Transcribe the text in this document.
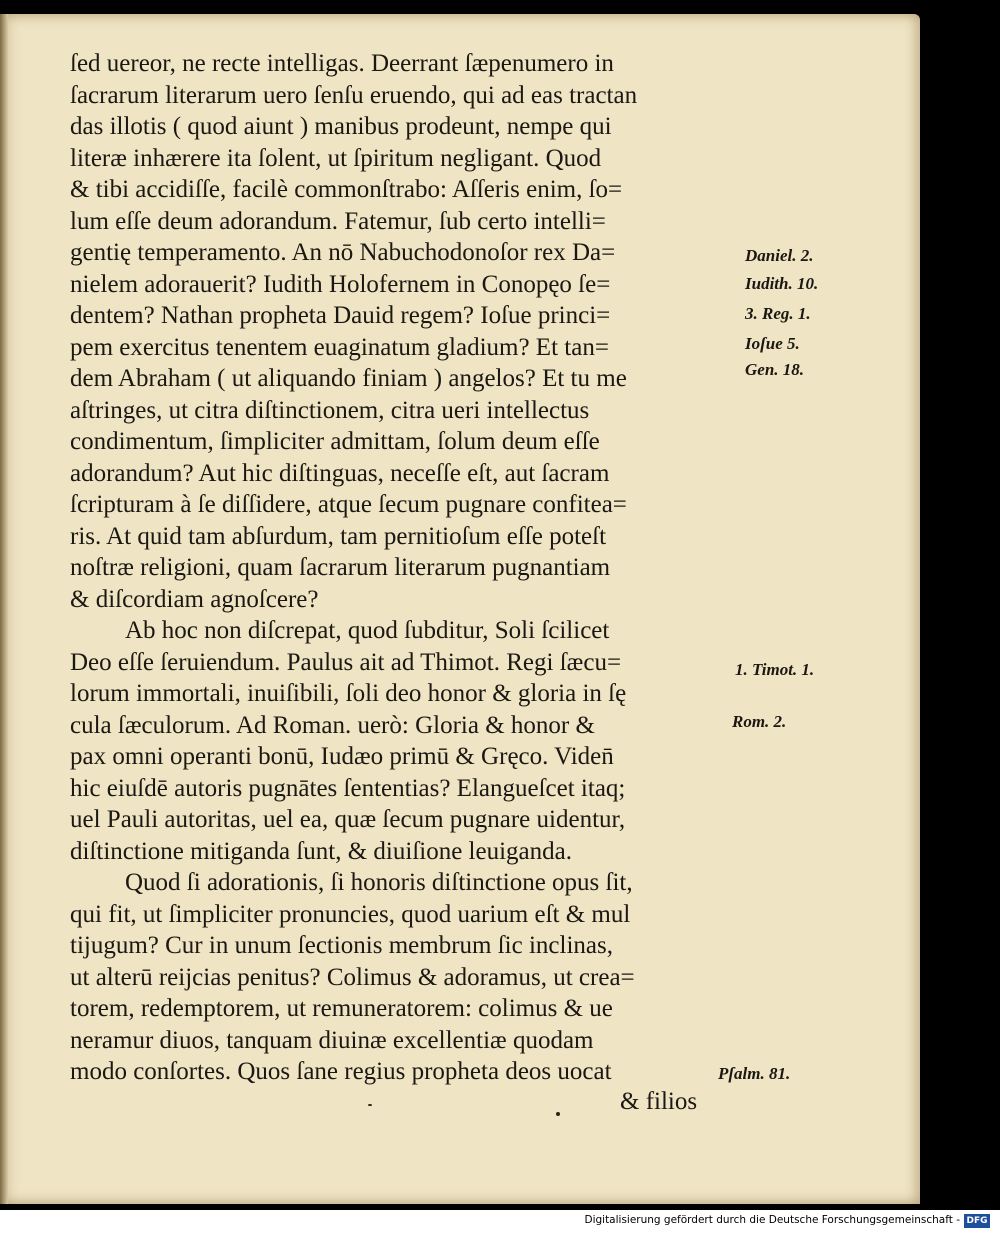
ſed uereor, ne recte intelligas. Deerrant ſæpenumero in
ſacrarum literarum uero ſenſu eruendo, qui ad eas tractan
das illotis ( quod aiunt ) manibus prodeunt, nempe qui
literæ inhærere ita ſolent, ut ſpiritum negligant. Quod
& tibi accidiſſe, facilè commonſtrabo: Aſſeris enim, ſo=
lum eſſe deum adorandum. Fatemur, ſub certo intelli=
gentię temperamento. An nō Nabuchodonoſor rex Da=
nielem adorauerit? Iudith Holofernem in Conopęo ſe=
dentem? Nathan propheta Dauid regem? Ioſue princi=
pem exercitus tenentem euaginatum gladium? Et tan=
dem Abraham ( ut aliquando finiam ) angelos? Et tu me
aſtringes, ut citra diſtinctionem, citra ueri intellectus
condimentum, ſimpliciter admittam, ſolum deum eſſe
adorandum? Aut hic diſtinguas, neceſſe eſt, aut ſacram
ſcripturam à ſe diſſidere, atque ſecum pugnare confitea=
ris. At quid tam abſurdum, tam pernitioſum eſſe poteſt
noſtræ religioni, quam ſacrarum literarum pugnantiam
& diſcordiam agnoſcere?
Ab hoc non diſcrepat, quod ſubditur, Soli ſcilicet
Deo eſſe ſeruiendum. Paulus ait ad Thimot. Regi ſæcu=
lorum immortali, inuiſibili, ſoli deo honor & gloria in ſę
cula ſæculorum. Ad Roman. uerò: Gloria & honor &
pax omni operanti bonū, Iudæo primū & Gręco. Viden̄
hic eiuſdē autoris pugnātes ſententias? Elangueſcet itaq;
uel Pauli autoritas, uel ea, quæ ſecum pugnare uidentur,
diſtinctione mitiganda ſunt, & diuiſione leuiganda.
Quod ſi adorationis, ſi honoris diſtinctione opus ſit,
qui fit, ut ſimpliciter pronuncies, quod uarium eſt & mul
tijugum? Cur in unum ſectionis membrum ſic inclinas,
ut alterū reijcias penitus? Colimus & adoramus, ut crea=
torem, redemptorem, ut remuneratorem: colimus & ue
neramur diuos, tanquam diuinæ excellentiæ quodam
modo conſortes. Quos ſane regius propheta deos uocat
Daniel. 2.
Iudith. 10.
3. Reg. 1.
Ioſue 5.
Gen. 18.
1. Timot. 1.
Rom. 2.
Pſalm. 81.
& filios
Digitalisierung gefördert durch die Deutsche Forschungsgemeinschaft - DFG
